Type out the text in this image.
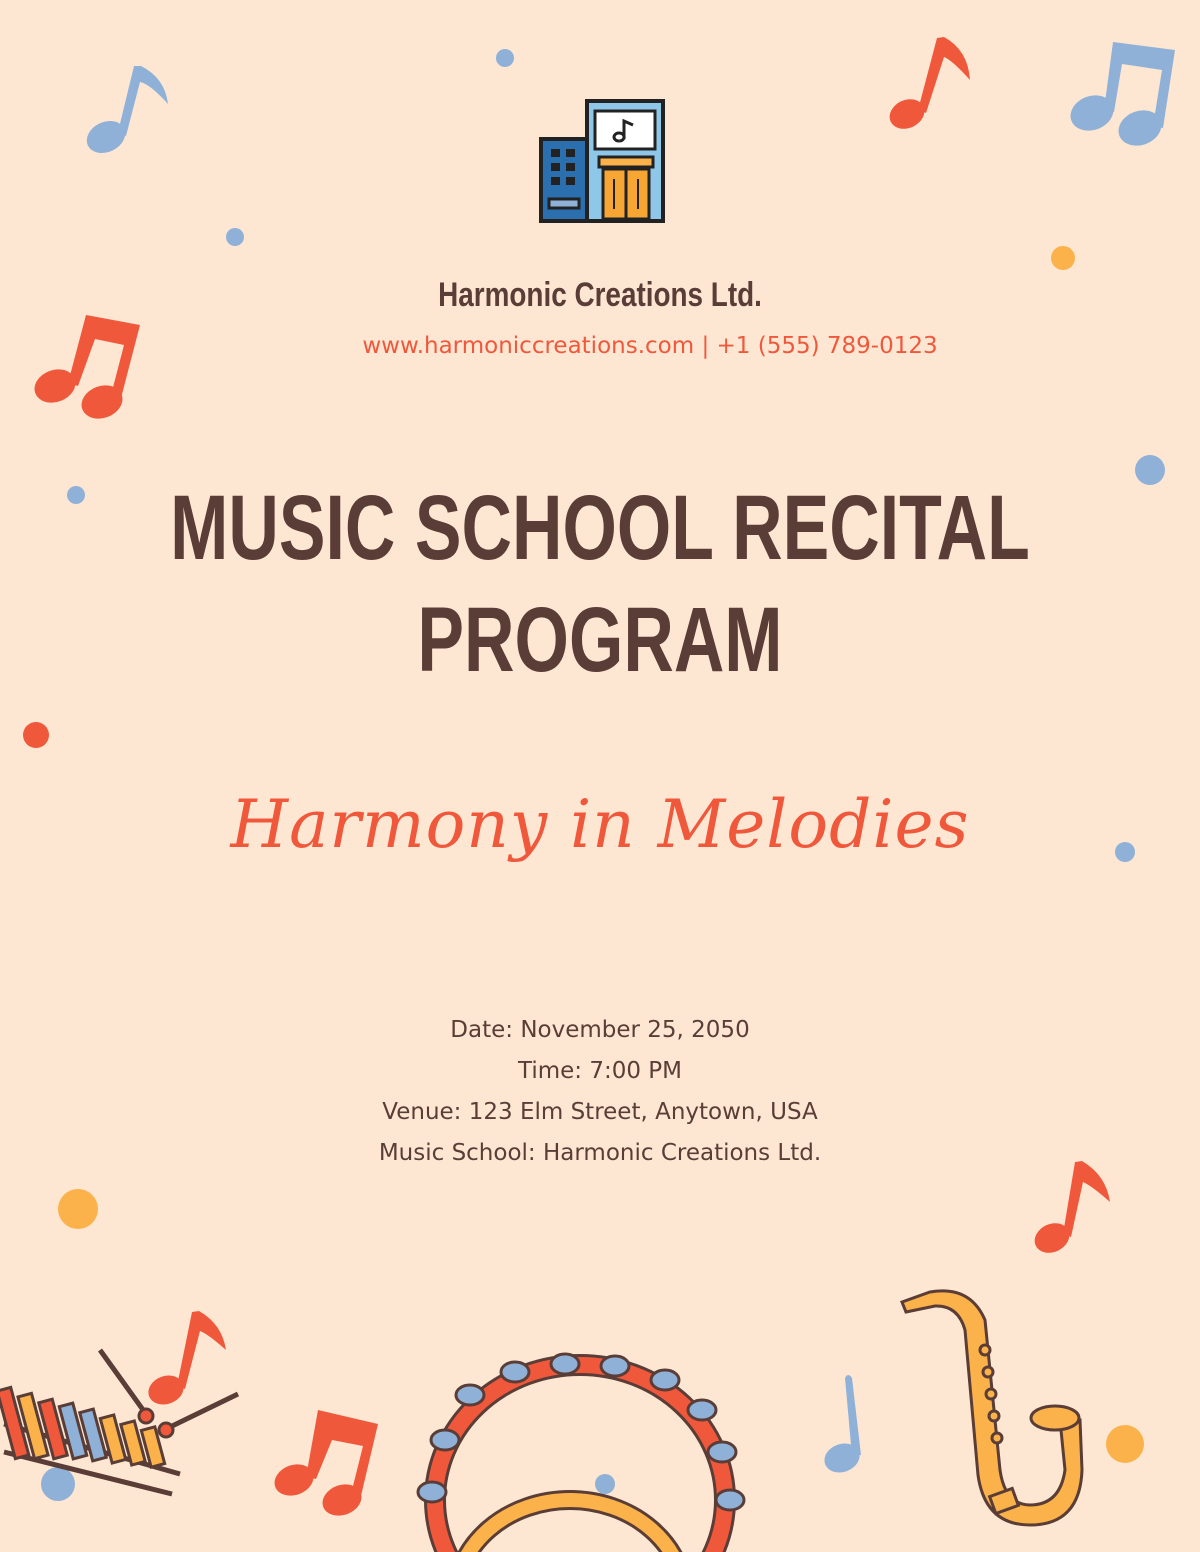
Harmonic Creations Ltd.
www.harmoniccreations.com | +1 (555) 789-0123
MUSIC SCHOOL RECITAL
PROGRAM
Harmony in Melodies
Date: November 25, 2050
Time: 7:00 PM
Venue: 123 Elm Street, Anytown, USA
Music School: Harmonic Creations Ltd.
